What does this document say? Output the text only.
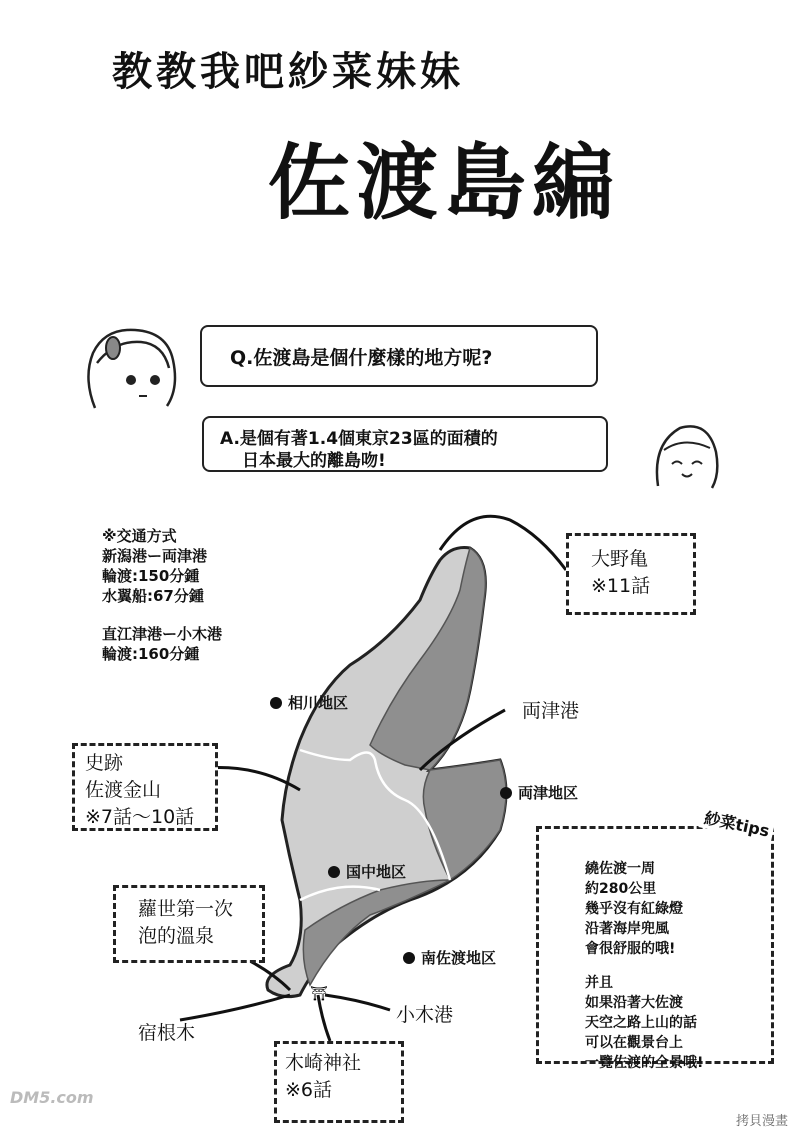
教教我吧紗菜妹妹
佐渡島編
Q.佐渡島是個什麼樣的地方呢?
A.是個有著1.4個東京23區的面積的
日本最大的離島吻!
※交通方式
新潟港ー両津港
輪渡:150分鍾
水翼船:67分鍾
直江津港ー小木港
輪渡:160分鍾
⛩
相川地区
両津地区
国中地区
南佐渡地区
両津港
小木港
宿根木
大野亀
※11話
史跡
佐渡金山
※7話～10話
蘿世第一次
泡的溫泉
木崎神社
※6話
繞佐渡一周
約280公里
幾乎沒有紅綠燈
沿著海岸兜風
會很舒服的哦!
并且
如果沿著大佐渡
天空之路上山的話
可以在觀景台上
一覽佐渡的全景哦!
紗菜tips
DM5.com
拷貝漫畫
